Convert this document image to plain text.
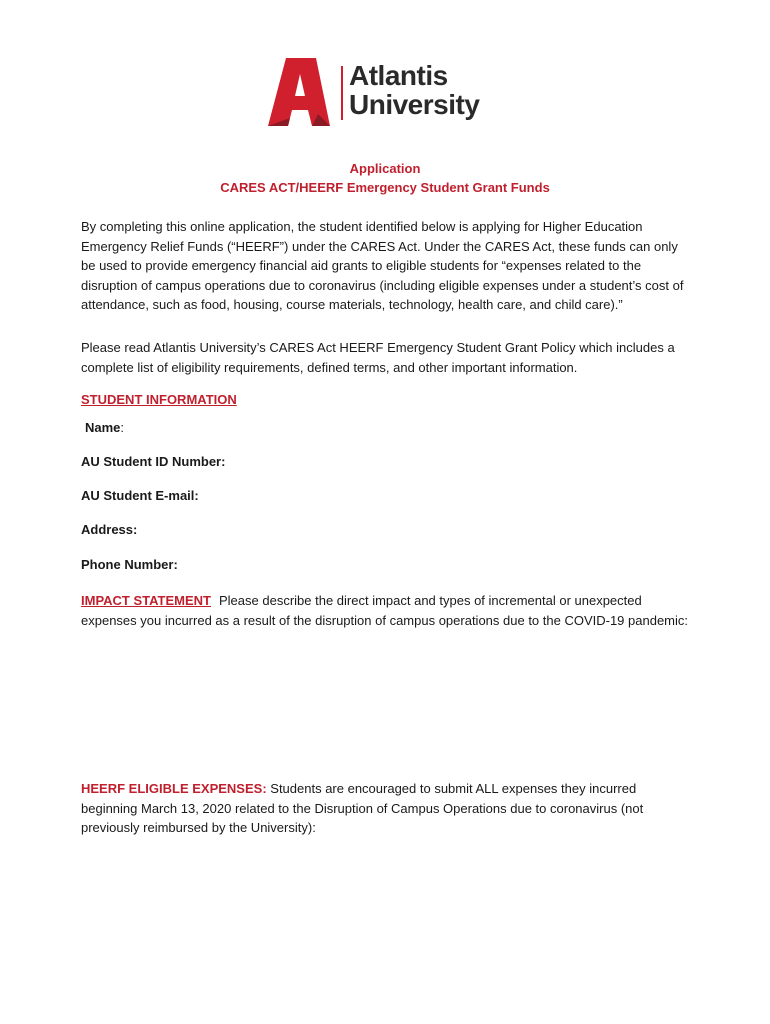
Atlantis
University
Application
CARES ACT/HEERF Emergency Student Grant Funds
By completing this online application, the student identified below is applying for Higher Education Emergency Relief Funds (“HEERF”) under the CARES Act. Under the CARES Act, these funds can only be used to provide emergency financial aid grants to eligible students for “expenses related to the disruption of campus operations due to coronavirus (including eligible expenses under a student’s cost of attendance, such as food, housing, course materials, technology, health care, and child care).”
Please read Atlantis University’s CARES Act HEERF Emergency Student Grant Policy which includes a complete list of eligibility requirements, defined terms, and other important information.
STUDENT INFORMATION
Name:
AU Student ID Number:
AU Student E-mail:
Address:
Phone Number:
IMPACT STATEMENT Please describe the direct impact and types of incremental or unexpected expenses you incurred as a result of the disruption of campus operations due to the COVID-19 pandemic:
HEERF ELIGIBLE EXPENSES: Students are encouraged to submit ALL expenses they incurred beginning March 13, 2020 related to the Disruption of Campus Operations due to coronavirus (not previously reimbursed by the University):
